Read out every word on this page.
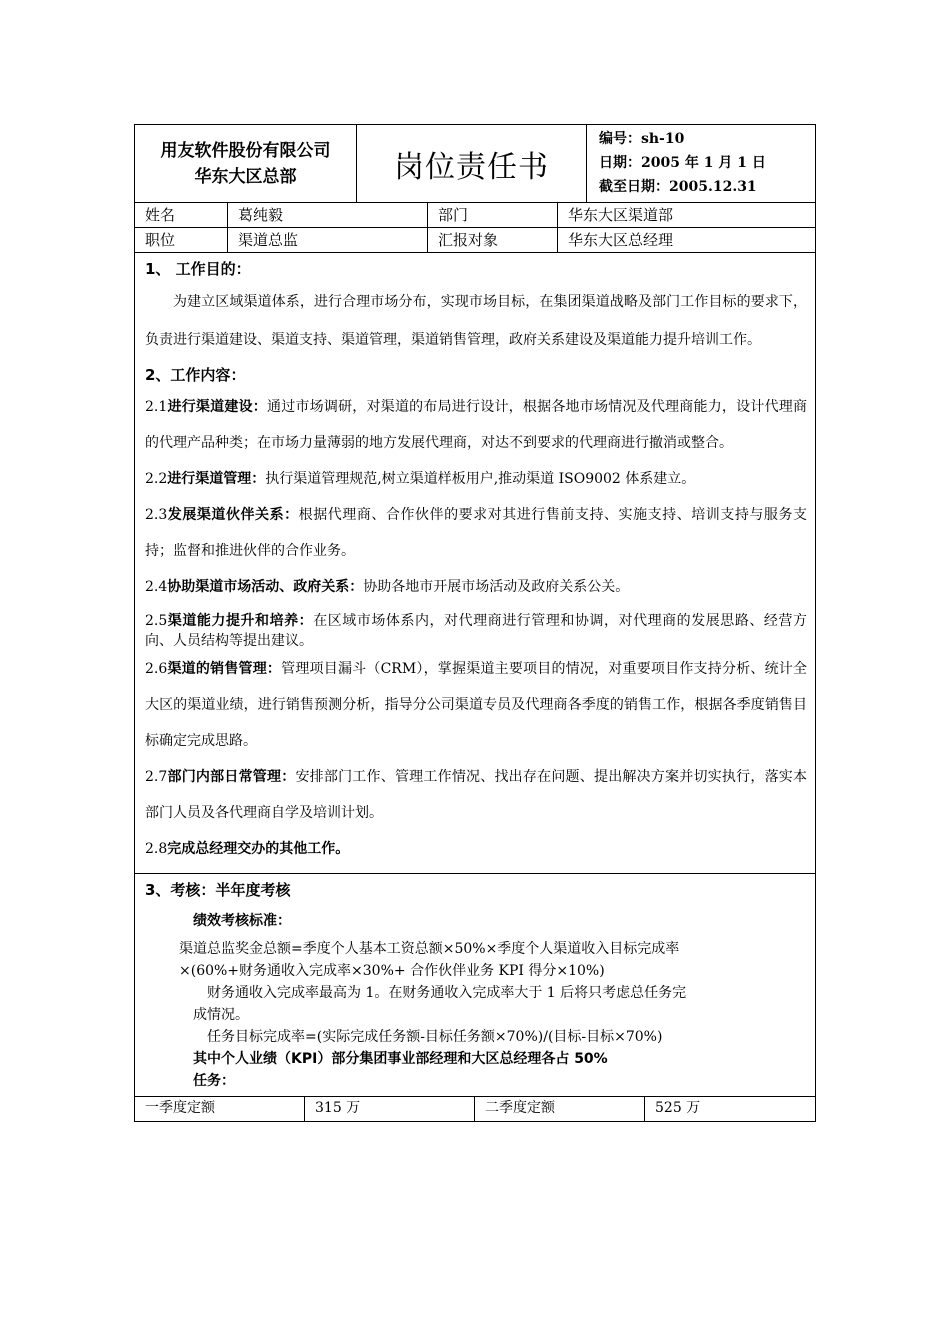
用友软件股份有限公司
华东大区总部	岗位责任书
编号：sh-10
日期：2005 年 1 月 1 日
截至日期：2005.12.31
姓名	葛纯毅	部门	华东大区渠道部
职位	渠道总监	汇报对象	华东大区总经理
1、 工作目的：
为建立区域渠道体系，进行合理市场分布，实现市场目标，在集团渠道战略及部门工作目标的要求下，负责进行渠道建设、渠道支持、渠道管理，渠道销售管理，政府关系建设及渠道能力提升培训工作。
2、工作内容：
2.1进行渠道建设：通过市场调研，对渠道的布局进行设计，根据各地市场情况及代理商能力，设计代理商的代理产品种类；在市场力量薄弱的地方发展代理商，对达不到要求的代理商进行撤消或整合。
2.2进行渠道管理：执行渠道管理规范,树立渠道样板用户,推动渠道 ISO9002 体系建立。
2.3发展渠道伙伴关系：根据代理商、合作伙伴的要求对其进行售前支持、实施支持、培训支持与服务支持；监督和推进伙伴的合作业务。
2.4协助渠道市场活动、政府关系：协助各地市开展市场活动及政府关系公关。
2.5渠道能力提升和培养：在区域市场体系内，对代理商进行管理和协调，对代理商的发展思路、经营方向、人员结构等提出建议。
2.6渠道的销售管理：管理项目漏斗（CRM），掌握渠道主要项目的情况，对重要项目作支持分析、统计全大区的渠道业绩，进行销售预测分析，指导分公司渠道专员及代理商各季度的销售工作，根据各季度销售目标确定完成思路。
2.7部门内部日常管理：安排部门工作、管理工作情况、找出存在问题、提出解决方案并切实执行，落实本部门人员及各代理商自学及培训计划。
2.8完成总经理交办的其他工作。
3、考核：半年度考核
绩效考核标准：
渠道总监奖金总额=季度个人基本工资总额×50%×季度个人渠道收入目标完成率
×(60%+财务通收入完成率×30%+ 合作伙伴业务 KPI 得分×10%)
财务通收入完成率最高为 1。在财务通收入完成率大于 1 后将只考虑总任务完
成情况。
任务目标完成率=(实际完成任务额-目标任务额×70%)/(目标-目标×70%)
其中个人业绩（KPI）部分集团事业部经理和大区总经理各占 50%
任务：
一季度定额	315 万	二季度定额	525 万
